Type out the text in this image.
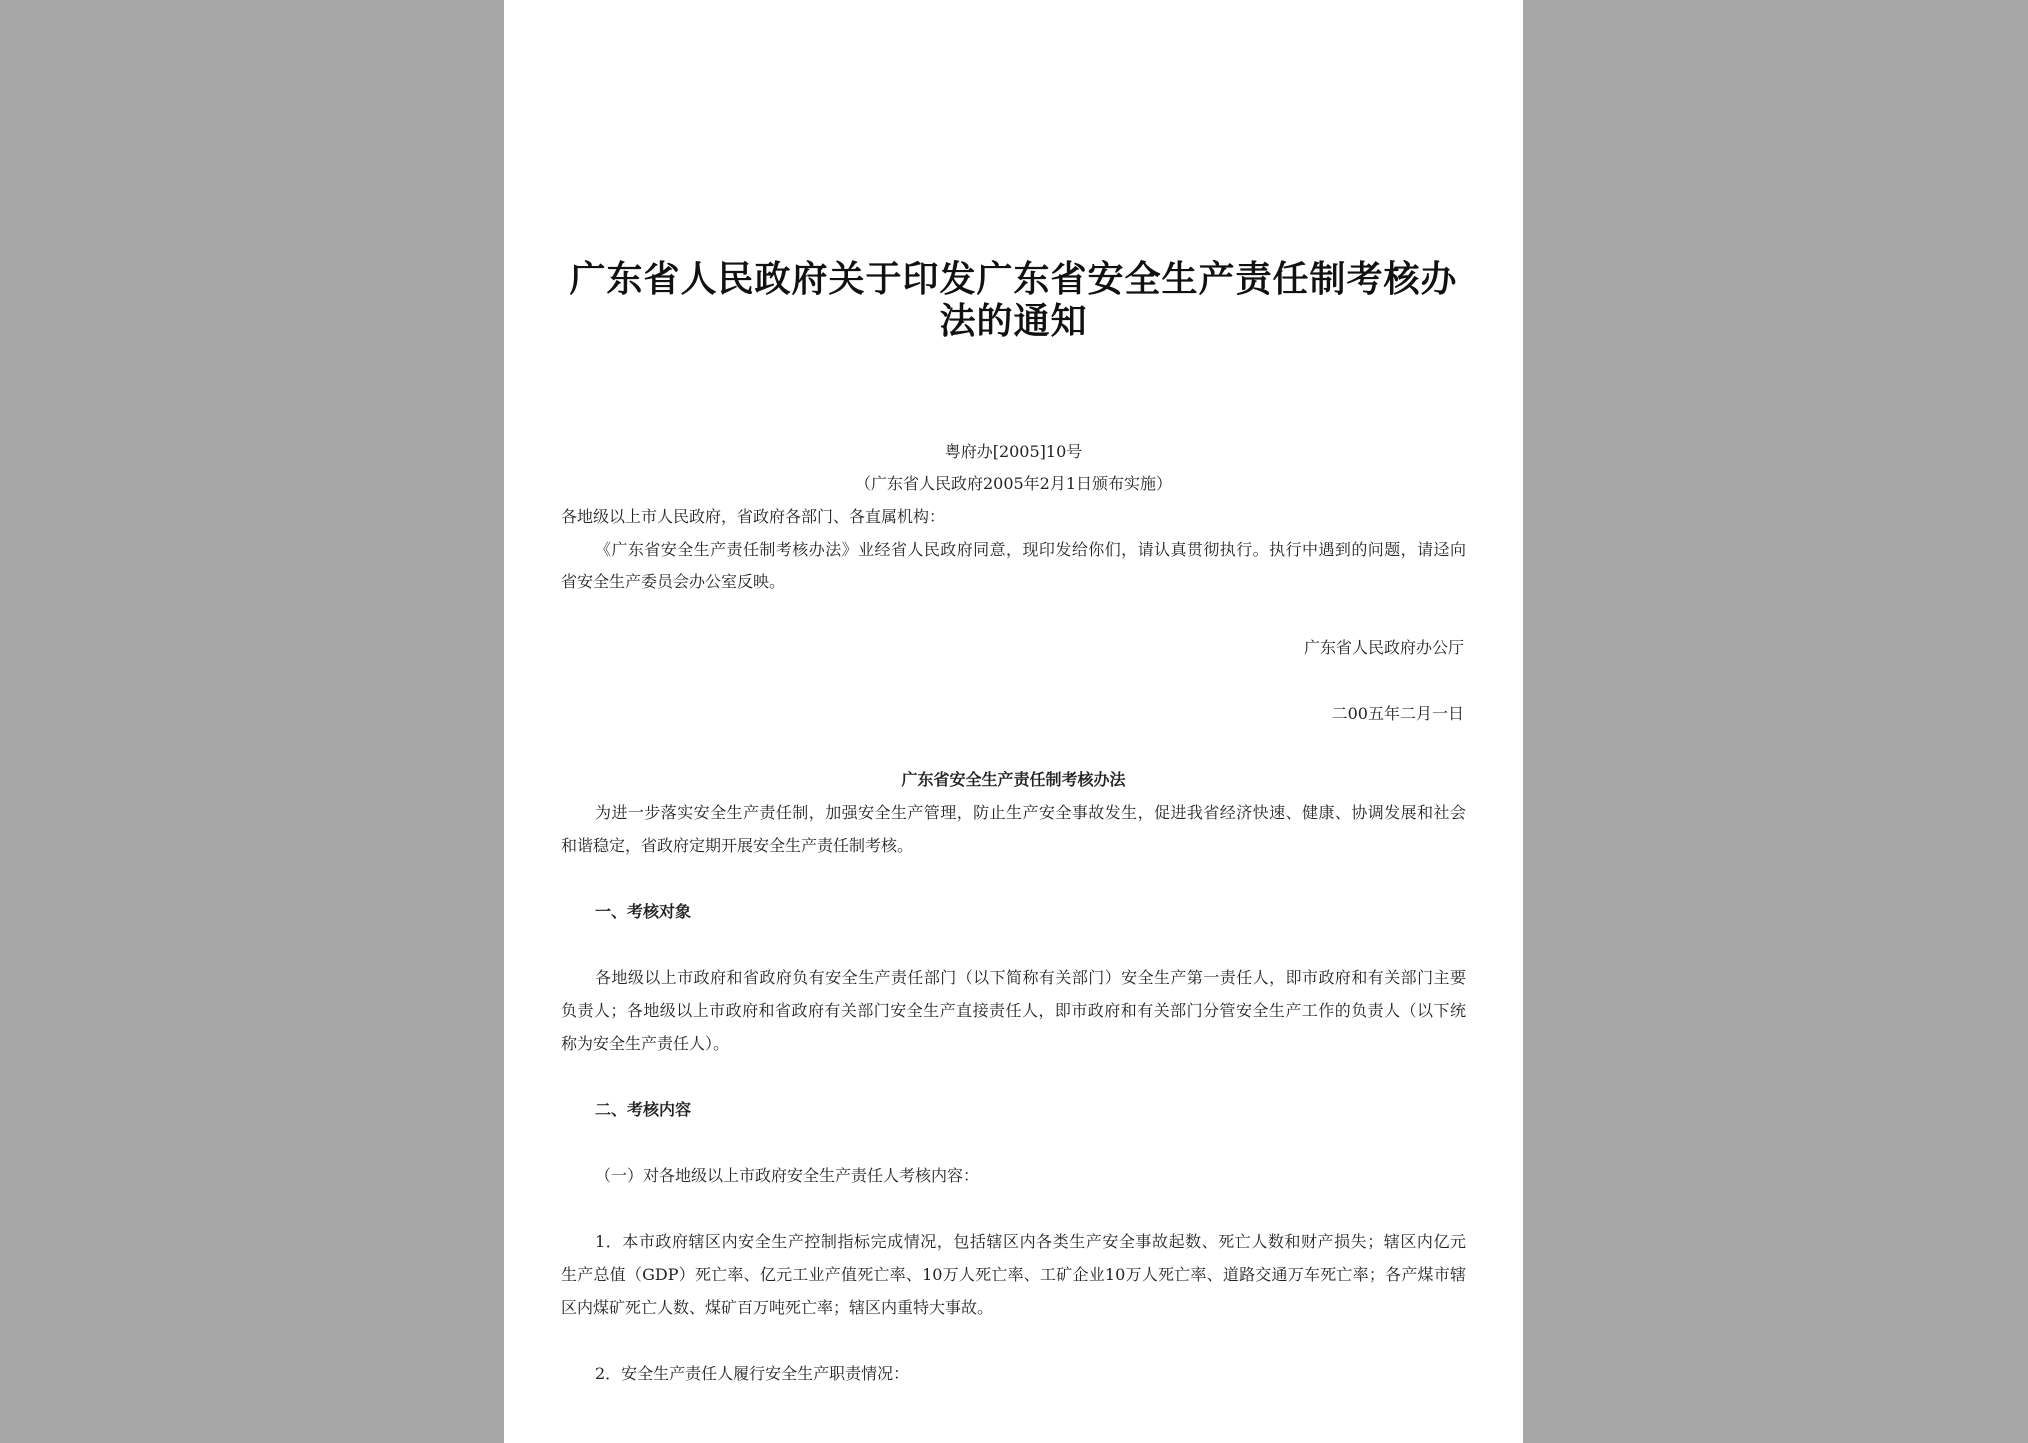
广东省人民政府关于印发广东省安全生产责任制考核办
法的通知
粤府办[2005]10号
（广东省人民政府2005年2月1日颁布实施）
各地级以上市人民政府，省政府各部门、各直属机构：
《广东省安全生产责任制考核办法》业经省人民政府同意，现印发给你们，请认真贯彻执行。执行中遇到的问题，请迳向
省安全生产委员会办公室反映。
广东省人民政府办公厅
二00五年二月一日
广东省安全生产责任制考核办法
为进一步落实安全生产责任制，加强安全生产管理，防止生产安全事故发生，促进我省经济快速、健康、协调发展和社会
和谐稳定，省政府定期开展安全生产责任制考核。
一、考核对象
各地级以上市政府和省政府负有安全生产责任部门（以下简称有关部门）安全生产第一责任人，即市政府和有关部门主要
负责人；各地级以上市政府和省政府有关部门安全生产直接责任人，即市政府和有关部门分管安全生产工作的负责人（以下统
称为安全生产责任人）。
二、考核内容
（一）对各地级以上市政府安全生产责任人考核内容：
1．本市政府辖区内安全生产控制指标完成情况，包括辖区内各类生产安全事故起数、死亡人数和财产损失；辖区内亿元
生产总值（GDP）死亡率、亿元工业产值死亡率、10万人死亡率、工矿企业10万人死亡率、道路交通万车死亡率；各产煤市辖
区内煤矿死亡人数、煤矿百万吨死亡率；辖区内重特大事故。
2．安全生产责任人履行安全生产职责情况：
